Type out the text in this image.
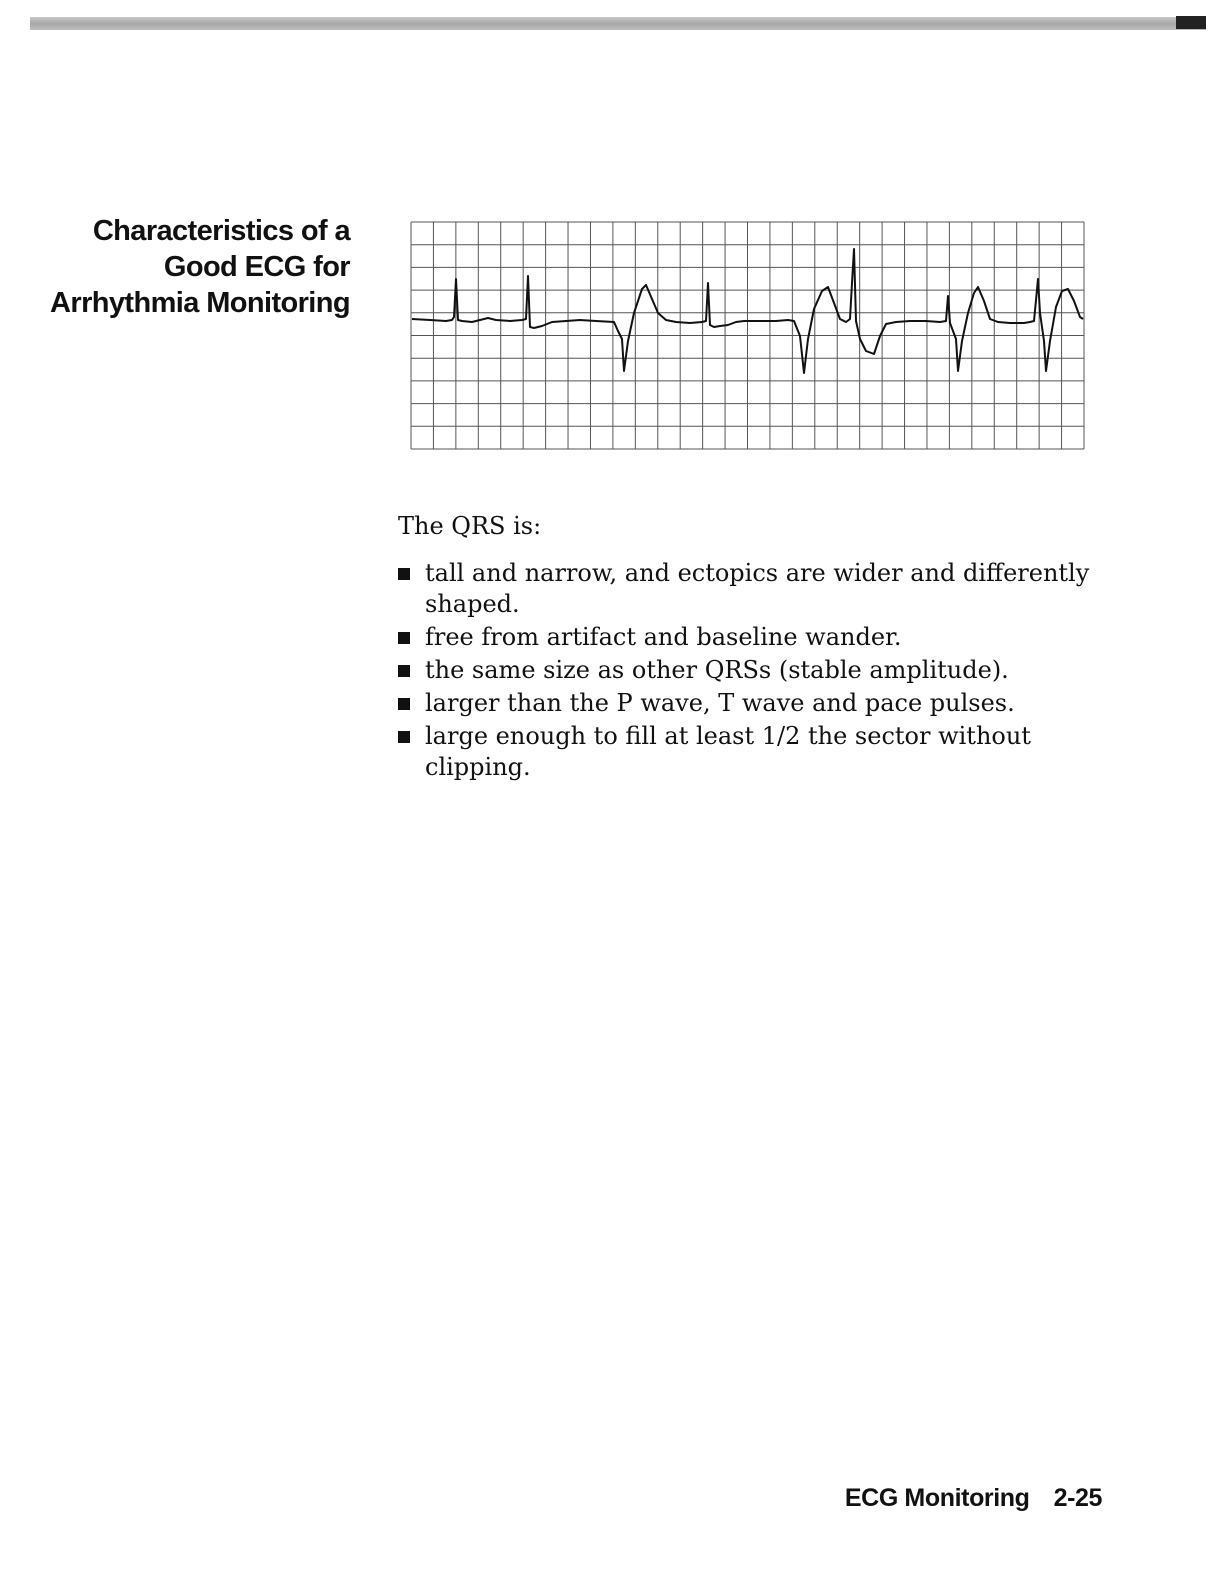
Characteristics of a
Good ECG for
Arrhythmia Monitoring

The QRS is:

tall and narrow, and ectopics are wider and differently shaped.
free from artifact and baseline wander.
the same size as other QRSs (stable amplitude).
larger than the P wave, T wave and pace pulses.
large enough to fill at least 1/2 the sector without clipping.
ECG Monitoring 2-25
